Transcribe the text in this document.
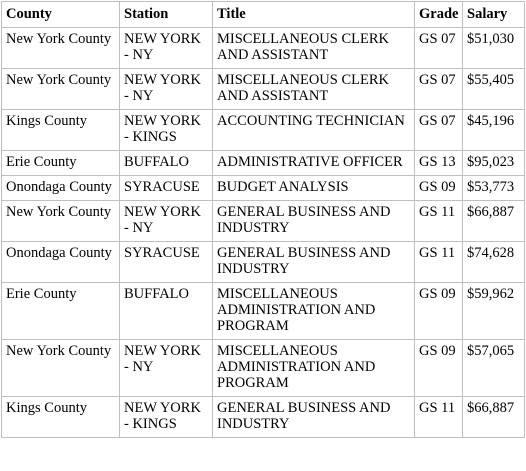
County	Station	Title	Grade	Salary
New York County	NEW YORK - NY	MISCELLANEOUS CLERK AND ASSISTANT	GS 07	$51,030
New York County	NEW YORK - NY	MISCELLANEOUS CLERK AND ASSISTANT	GS 07	$55,405
Kings County	NEW YORK - KINGS	ACCOUNTING TECHNICIAN	GS 07	$45,196
Erie County	BUFFALO	ADMINISTRATIVE OFFICER	GS 13	$95,023
Onondaga County	SYRACUSE	BUDGET ANALYSIS	GS 09	$53,773
New York County	NEW YORK - NY	GENERAL BUSINESS AND INDUSTRY	GS 11	$66,887
Onondaga County	SYRACUSE	GENERAL BUSINESS AND INDUSTRY	GS 11	$74,628
Erie County	BUFFALO	MISCELLANEOUS ADMINISTRATION AND PROGRAM	GS 09	$59,962
New York County	NEW YORK - NY	MISCELLANEOUS ADMINISTRATION AND PROGRAM	GS 09	$57,065
Kings County	NEW YORK - KINGS	GENERAL BUSINESS AND INDUSTRY	GS 11	$66,887
